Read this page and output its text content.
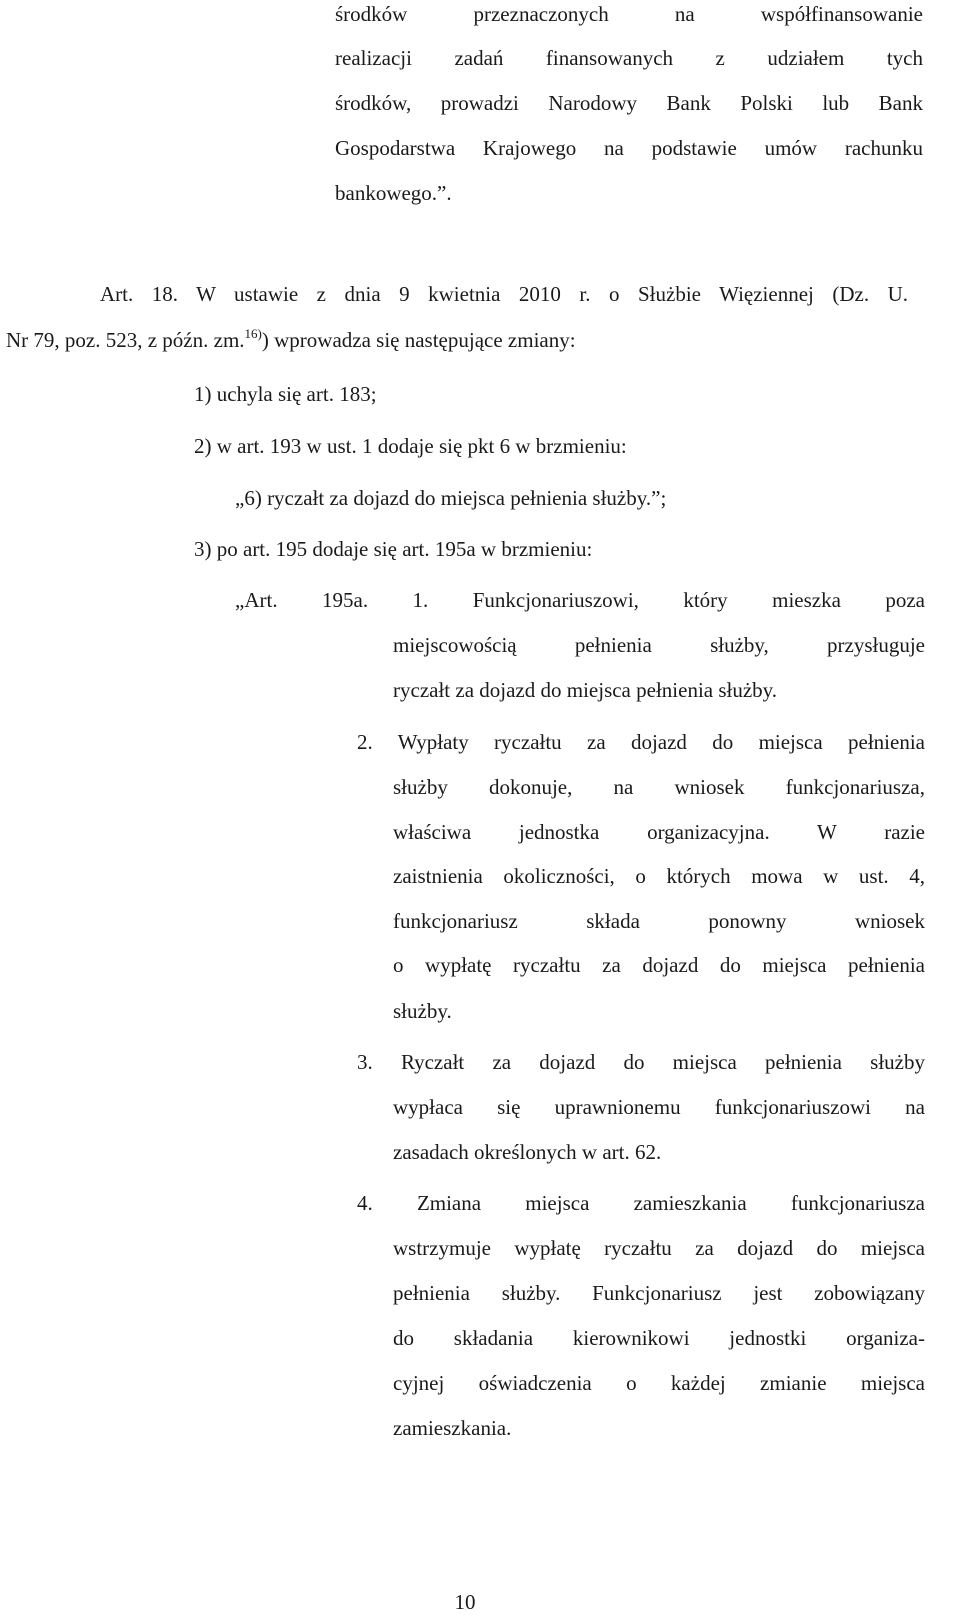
środków przeznaczonych na współfinansowanie
realizacji zadań finansowanych z udziałem tych
środków, prowadzi Narodowy Bank Polski lub Bank
Gospodarstwa Krajowego na podstawie umów rachunku
bankowego.”.
Art. 18. W ustawie z dnia 9 kwietnia 2010 r. o Służbie Więziennej (Dz. U.
Nr 79, poz. 523, z późn. zm.$^{16)}$) wprowadza się następujące zmiany:
1) uchyla się art. 183;
2) w art. 193 w ust. 1 dodaje się pkt 6 w brzmieniu:
„6) ryczałt za dojazd do miejsca pełnienia służby.”;
3) po art. 195 dodaje się art. 195a w brzmieniu:
„Art. 195a. 1. Funkcjonariuszowi, który mieszka poza
miejscowością pełnienia służby, przysługuje
ryczałt za dojazd do miejsca pełnienia służby.
2. Wypłaty ryczałtu za dojazd do miejsca pełnienia
służby dokonuje, na wniosek funkcjonariusza,
właściwa jednostka organizacyjna. W razie
zaistnienia okoliczności, o których mowa w ust. 4,
funkcjonariusz składa ponowny wniosek
o wypłatę ryczałtu za dojazd do miejsca pełnienia
służby.
3. Ryczałt za dojazd do miejsca pełnienia służby
wypłaca się uprawnionemu funkcjonariuszowi na
zasadach określonych w art. 62.
4. Zmiana miejsca zamieszkania funkcjonariusza
wstrzymuje wypłatę ryczałtu za dojazd do miejsca
pełnienia służby. Funkcjonariusz jest zobowiązany
do składania kierownikowi jednostki organiza-
cyjnej oświadczenia o każdej zmianie miejsca
zamieszkania.
10
